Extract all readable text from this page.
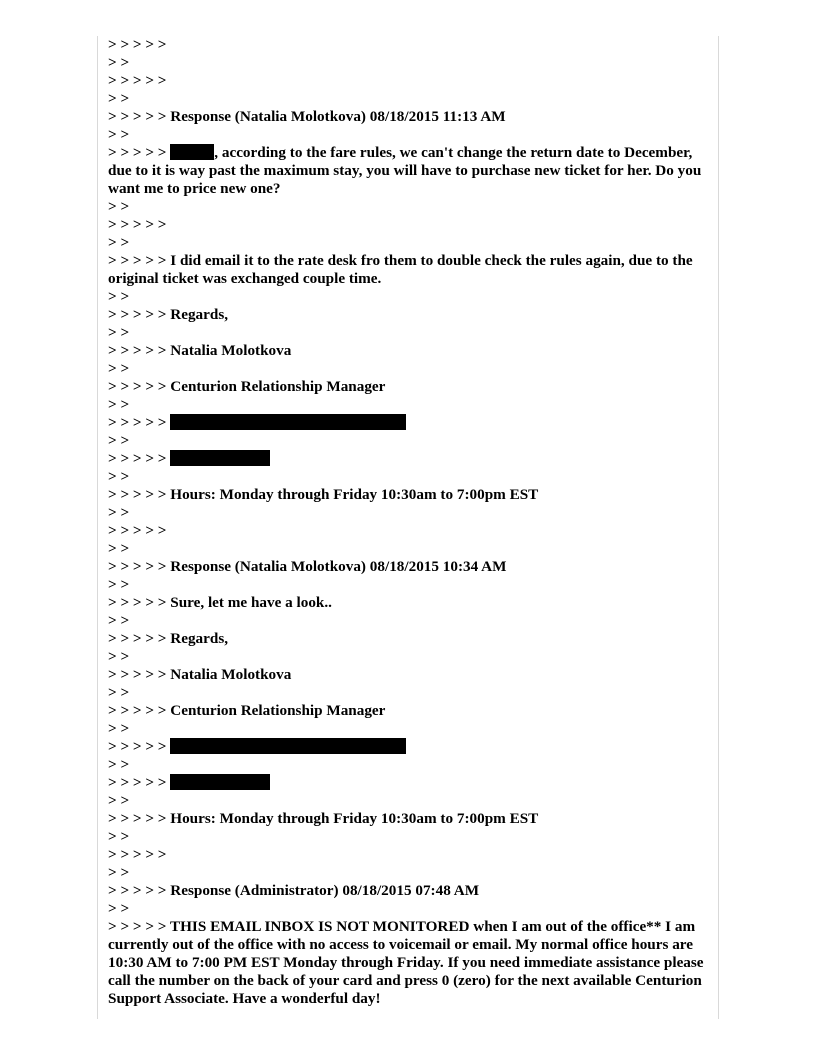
> > > > >
> >
> > > > >
> >
> > > > > Response (Natalia Molotkova) 08/18/2015 11:13 AM
> >
> > > > >	, according to the fare rules, we can't change the return date to December, due to it is way past the maximum stay, you will have to purchase new ticket for her. Do you want me to price new one?
> >
> > > > >
> >
> > > > > I did email it to the rate desk fro them to double check the rules again, due to the original ticket was exchanged couple time.
> >
> > > > > Regards,
> >
> > > > > Natalia Molotkova
> >
> > > > > Centurion Relationship Manager
> >
> > > > >
> >
> > > > >
> >
> > > > > Hours: Monday through Friday 10:30am to 7:00pm EST
> >
> > > > >
> >
> > > > > Response (Natalia Molotkova) 08/18/2015 10:34 AM
> >
> > > > > Sure, let me have a look..
> >
> > > > > Regards,
> >
> > > > > Natalia Molotkova
> >
> > > > > Centurion Relationship Manager
> >
> > > > >
> >
> > > > >
> >
> > > > > Hours: Monday through Friday 10:30am to 7:00pm EST
> >
> > > > >
> >
> > > > > Response (Administrator) 08/18/2015 07:48 AM
> >
> > > > > THIS EMAIL INBOX IS NOT MONITORED when I am out of the office** I am currently out of the office with no access to voicemail or email. My normal office hours are 10:30 AM to 7:00 PM EST Monday through Friday. If you need immediate assistance please call the number on the back of your card and press 0 (zero) for the next available Centurion Support Associate. Have a wonderful day!
